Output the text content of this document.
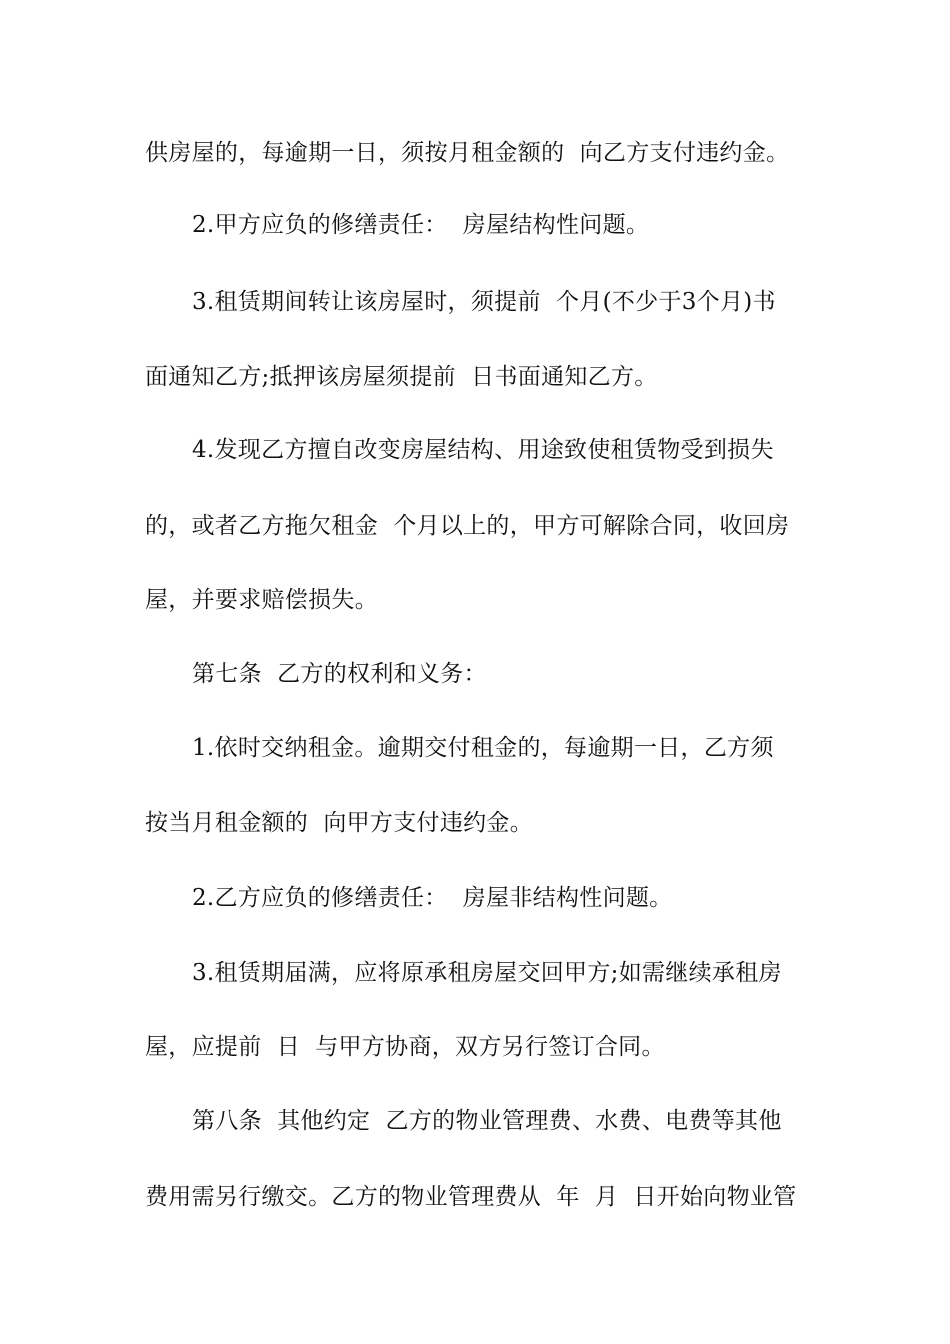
供房屋的，每逾期一日，须按月租金额的  向乙方支付违约金。
2.甲方应负的修缮责任：  房屋结构性问题。
3.租赁期间转让该房屋时，须提前  个月(不少于3个月)书
面通知乙方;抵押该房屋须提前  日书面通知乙方。
4.发现乙方擅自改变房屋结构、用途致使租赁物受到损失
的，或者乙方拖欠租金  个月以上的，甲方可解除合同，收回房
屋，并要求赔偿损失。
第七条  乙方的权利和义务：
1.依时交纳租金。逾期交付租金的，每逾期一日，乙方须
按当月租金额的  向甲方支付违约金。
2.乙方应负的修缮责任：  房屋非结构性问题。
3.租赁期届满，应将原承租房屋交回甲方;如需继续承租房
屋，应提前  日  与甲方协商，双方另行签订合同。
第八条  其他约定  乙方的物业管理费、水费、电费等其他
费用需另行缴交。乙方的物业管理费从  年  月  日开始向物业管
